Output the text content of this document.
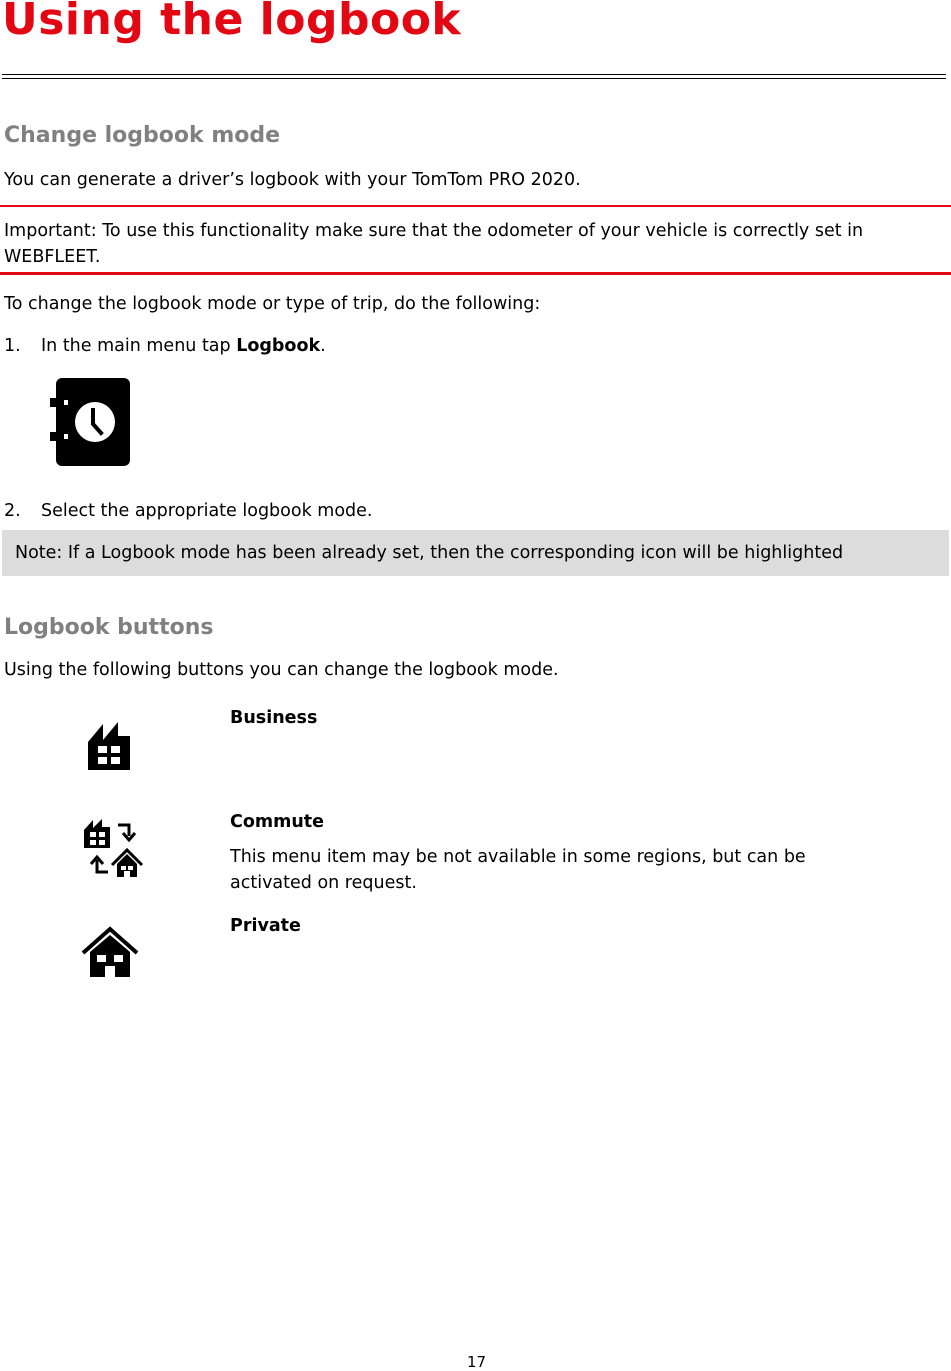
Using the logbook
Change logbook mode
You can generate a driver’s logbook with your TomTom PRO 2020.
Important: To use this functionality make sure that the odometer of your vehicle is correctly set in
WEBFLEET.
To change the logbook mode or type of trip, do the following:
1. In the main menu tap Logbook.
2. Select the appropriate logbook mode.
Note: If a Logbook mode has been already set, then the corresponding icon will be highlighted
Logbook buttons
Using the following buttons you can change the logbook mode.
Business
Commute
This menu item may be not available in some regions, but can be
activated on request.
Private
17
